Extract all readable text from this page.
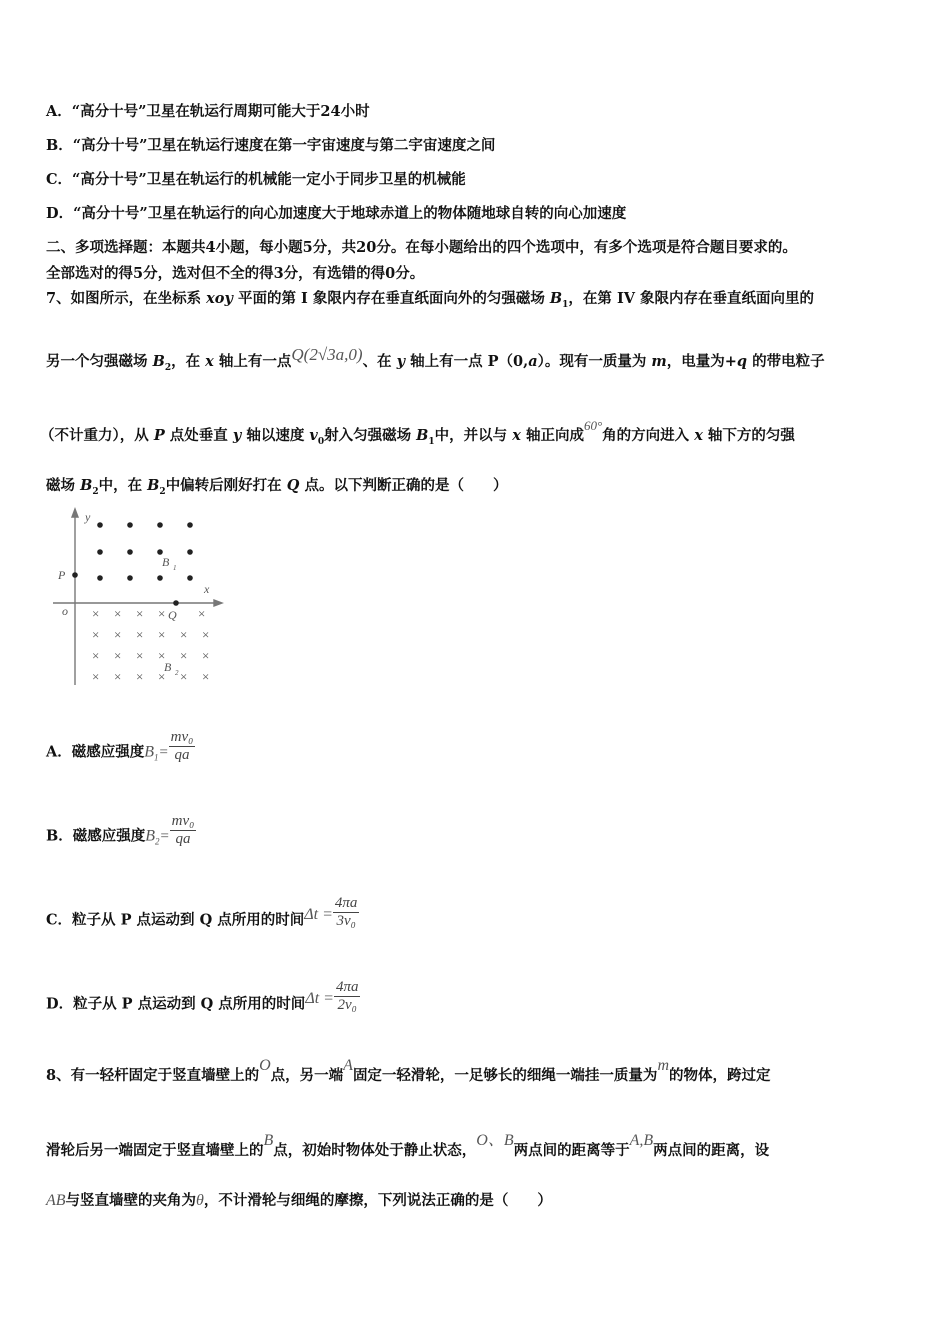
A．“高分十号”卫星在轨运行周期可能大于24小时
B．“高分十号”卫星在轨运行速度在第一宇宙速度与第二宇宙速度之间
C．“高分十号”卫星在轨运行的机械能一定小于同步卫星的机械能
D．“高分十号”卫星在轨运行的向心加速度大于地球赤道上的物体随地球自转的向心加速度
二、多项选择题：本题共4小题，每小题5分，共20分。在每小题给出的四个选项中，有多个选项是符合题目要求的。
全部选对的得5分，选对但不全的得3分，有选错的得0分。
7、如图所示，在坐标系 xoy 平面的第 I 象限内存在垂直纸面向外的匀强磁场 $B_1$，在第 IV 象限内存在垂直纸面向里的
另一个匀强磁场 $B_2$，在 x 轴上有一点Q(2√3a,0)、在 y 轴上有一点 P（0,a）。现有一质量为 m，电量为+q 的带电粒子
（不计重力），从 P 点处垂直 y 轴以速度 $v_0$射入匀强磁场 $B_1$中，并以与 x 轴正向成60°角的方向进入 x 轴下方的匀强
磁场 $B_2$中，在 $B_2$中偏转后刚好打在 Q 点。以下判断正确的是（　　）
× × × ×	×
× × × × × ×
× × × × × ×
× × × × × ×
y
x
o
P
Q
B 1
B 2
A．磁感应强度$B_1= \frac{\text{mv₀}}{qa}$
B．磁感应强度$B_2= \frac{\text{mv₀}}{qa}$
C．粒子从 P 点运动到 Q 点所用的时间$\Delta t = \frac{4\pi a}{\text{3v₀}}$
D．粒子从 P 点运动到 Q 点所用的时间$\Delta t = \frac{4\pi a}{\text{2v₀}}$
8、有一轻杆固定于竖直墙壁上的O点，另一端A固定一轻滑轮，一足够长的细绳一端挂一质量为m的物体，跨过定
滑轮后另一端固定于竖直墙壁上的B点，初始时物体处于静止状态，O、B两点间的距离等于A,B两点间的距离，设
AB与竖直墙壁的夹角为θ，不计滑轮与细绳的摩擦，下列说法正确的是（　　）
